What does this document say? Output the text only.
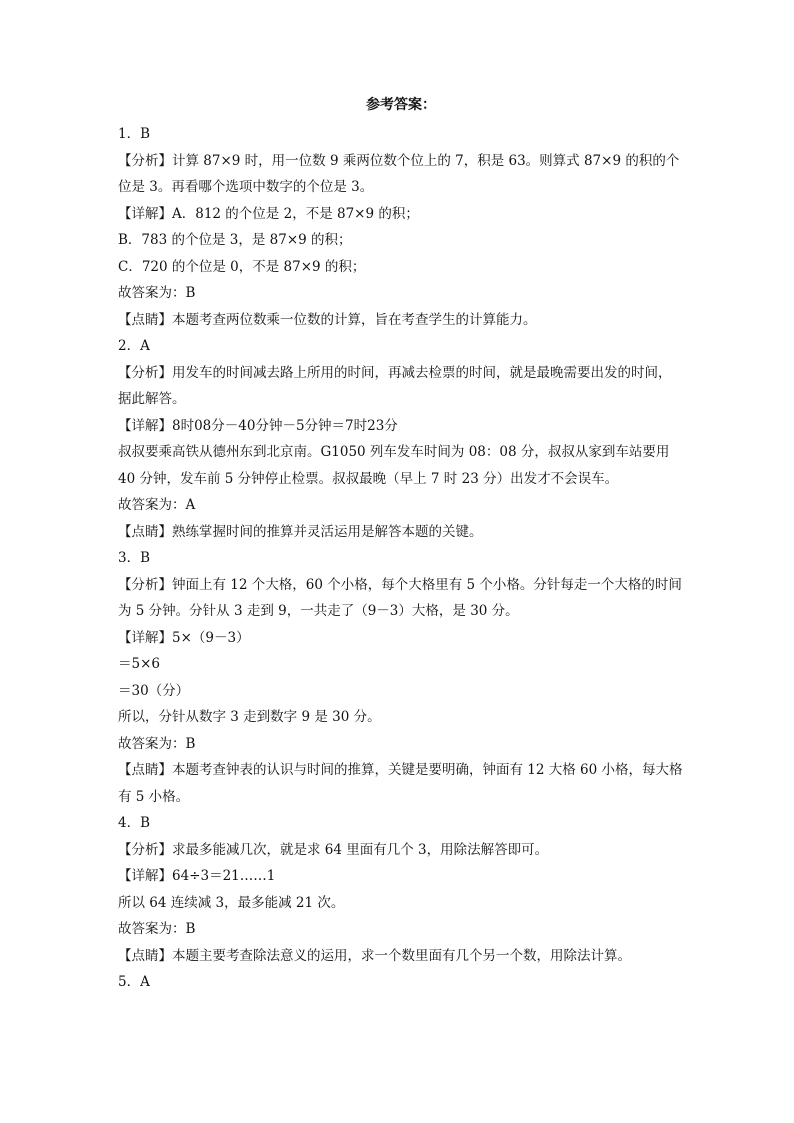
参考答案：

1．B

【分析】计算 87×9 时，用一位数 9 乘两位数个位上的 7，积是 63。则算式 87×9 的积的个位是 3。再看哪个选项中数字的个位是 3。

【详解】A．812 的个位是 2，不是 87×9 的积；

B．783 的个位是 3，是 87×9 的积；

C．720 的个位是 0，不是 87×9 的积；

故答案为：B

【点睛】本题考查两位数乘一位数的计算，旨在考查学生的计算能力。

2．A

【分析】用发车的时间减去路上所用的时间，再减去检票的时间，就是最晚需要出发的时间，据此解答。

【详解】8时08分－40分钟－5分钟＝7时23分

叔叔要乘高铁从德州东到北京南。G1050 列车发车时间为 08：08 分，叔叔从家到车站要用 40 分钟，发车前 5 分钟停止检票。叔叔最晚（早上 7 时 23 分）出发才不会误车。

故答案为：A

【点睛】熟练掌握时间的推算并灵活运用是解答本题的关键。

3．B

【分析】钟面上有 12 个大格，60 个小格，每个大格里有 5 个小格。分针每走一个大格的时间为 5 分钟。分针从 3 走到 9，一共走了（9－3）大格，是 30 分。

【详解】5×（9－3）

＝5×6

＝30（分）

所以，分针从数字 3 走到数字 9 是 30 分。

故答案为：B

【点睛】本题考查钟表的认识与时间的推算，关键是要明确，钟面有 12 大格 60 小格，每大格有 5 小格。

4．B

【分析】求最多能减几次，就是求 64 里面有几个 3，用除法解答即可。

【详解】64÷3＝21……1

所以 64 连续减 3，最多能减 21 次。

故答案为：B

【点睛】本题主要考查除法意义的运用，求一个数里面有几个另一个数，用除法计算。

5．A
